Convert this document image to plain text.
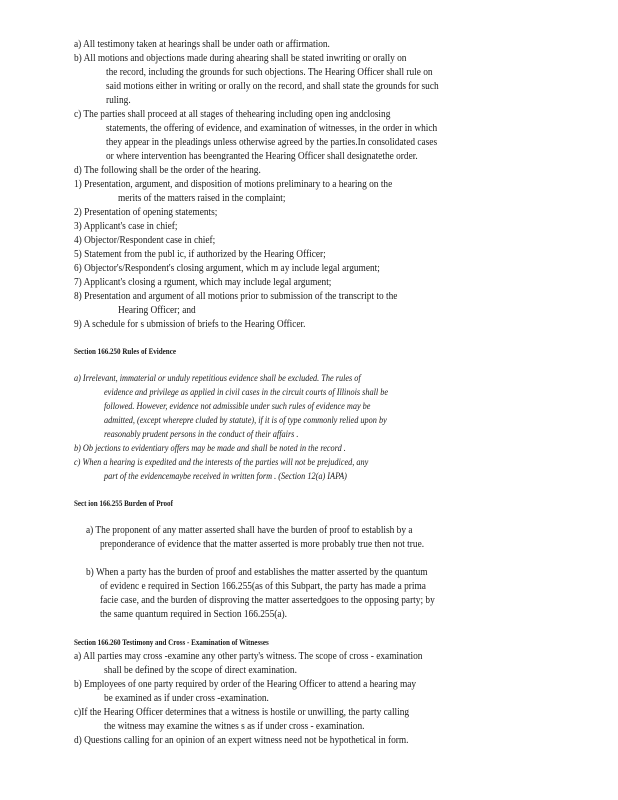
a) All testimony taken at hearings shall be under oath or affirmation.
b) All motions and objections made during ahearing shall be stated inwriting or orally on
the record, including the grounds for such objections. The Hearing Officer shall rule on
said motions either in writing or orally on the record, and shall state the grounds for such
ruling.
c) The parties shall proceed at all stages of thehearing including open ing andclosing
statements, the offering of evidence, and examination of witnesses, in the order in which
they appear in the pleadings unless otherwise agreed by the parties.In consolidated cases
or where intervention has beengranted the Hearing Officer shall designatethe order.
d) The following shall be the order of the hearing.
1) Presentation, argument, and disposition of motions preliminary to a hearing on the
merits of the matters raised in the complaint;
2) Presentation of opening statements;
3) Applicant's case in chief;
4) Objector/Respondent case in chief;
5) Statement from the publ ic, if authorized by the Hearing Officer;
6) Objector's/Respondent's closing argument, which m ay include legal argument;
7) Applicant's closing a rgument, which may include legal argument;
8) Presentation and argument of all motions prior to submission of the transcript to the
Hearing Officer; and
9) A schedule for s ubmission of briefs to the Hearing Officer.
Section 166.250 Rules of Evidence
a) Irrelevant, immaterial or unduly repetitious evidence shall be excluded. The rules of
evidence and privilege as applied in civil cases in the circuit courts of Illinois shall be
followed. However, evidence not admissible under such rules of evidence may be
admitted, (except wherepre cluded by statute), if it is of type commonly relied upon by
reasonably prudent persons in the conduct of their affairs .
b) Ob jections to evidentiary offers may be made and shall be noted in the record .
c) When a hearing is expedited and the interests of the parties will not be prejudiced, any
part of the evidencemaybe received in written form . (Section 12(a) IAPA)
Sect ion 166.255 Burden of Proof
a) The proponent of any matter asserted shall have the burden of proof to establish by a
preponderance of evidence that the matter asserted is more probably true then not true.
b) When a party has the burden of proof and establishes the matter asserted by the quantum
of evidenc e required in Section 166.255(as of this Subpart, the party has made a prima
facie case, and the burden of disproving the matter assertedgoes to the opposing party; by
the same quantum required in Section 166.255(a).
Section 166.260 Testimony and Cross - Examination of Witnesses
a) All parties may cross -examine any other party's witness. The scope of cross - examination
shall be defined by the scope of direct examination.
b) Employees of one party required by order of the Hearing Officer to attend a hearing may
be examined as if under cross -examination.
c)If the Hearing Officer determines that a witness is hostile or unwilling, the party calling
the witness may examine the witnes s as if under cross - examination.
d) Questions calling for an opinion of an expert witness need not be hypothetical in form.
